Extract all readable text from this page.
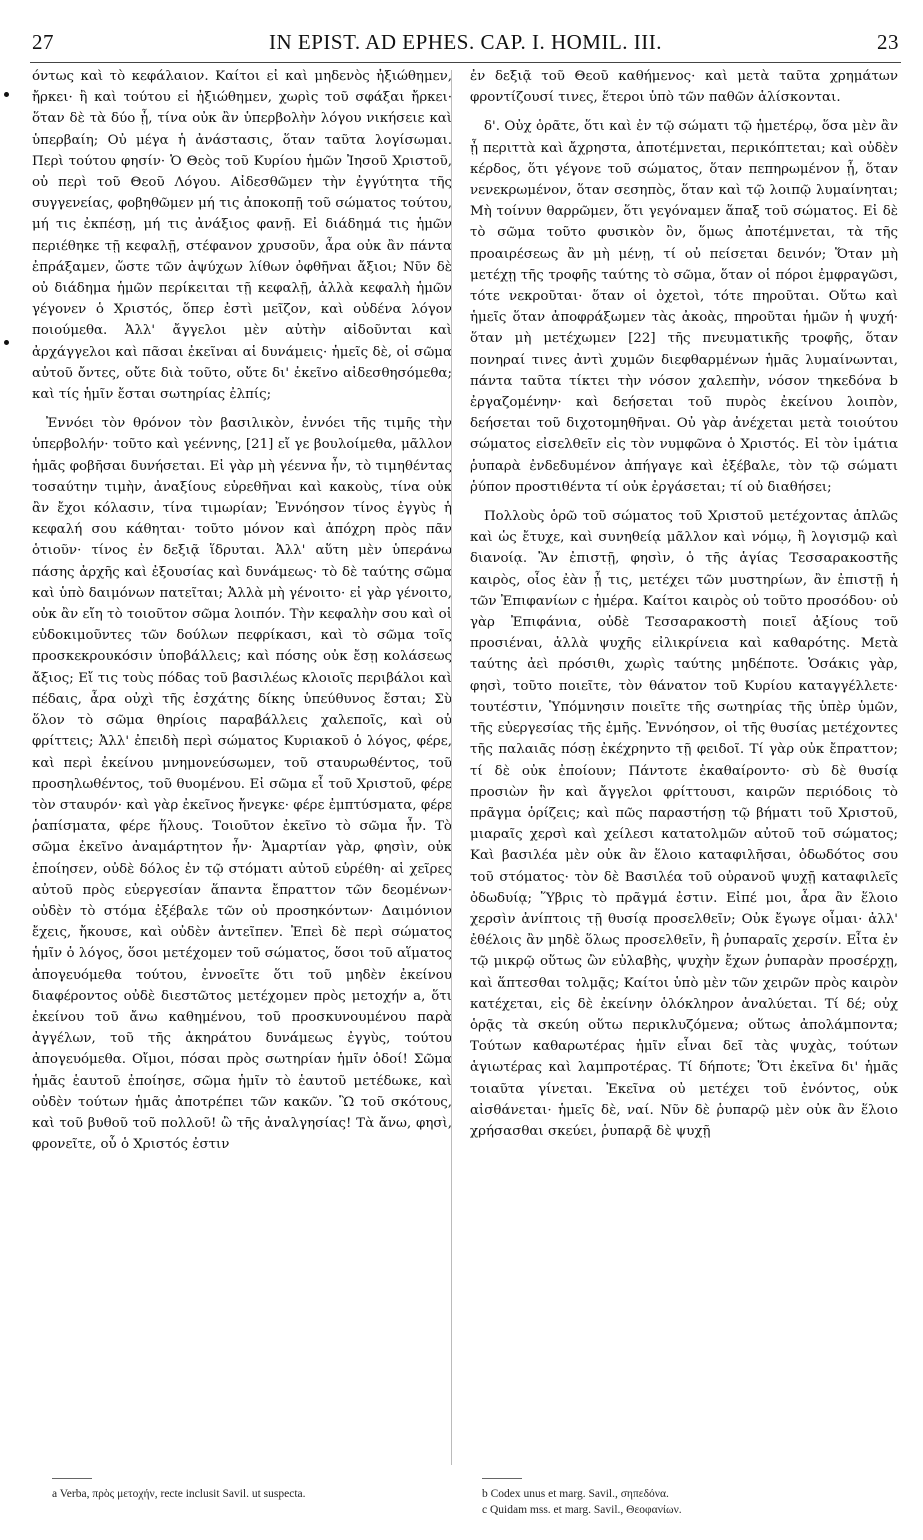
27	IN EPIST. AD EPHES. CAP. I. HOMIL. III.	23

όντως καὶ τὸ κεφάλαιον. Καίτοι εἰ καὶ μηδενὸς ἠξιώθημεν, ἤρκει· ἢ καὶ τούτου εἰ ἠξιώθημεν, χωρὶς τοῦ σφάξαι ἤρκει· ὅταν δὲ τὰ δύο ᾖ, τίνα οὐκ ἂν ὑπερβολὴν λόγου νικήσειε καὶ ὑπερβαίη; Οὐ μέγα ἡ ἀνάστασις, ὅταν ταῦτα λογίσωμαι. Περὶ τούτου φησίν· Ὁ Θεὸς τοῦ Κυρίου ἡμῶν Ἰησοῦ Χριστοῦ, οὐ περὶ τοῦ Θεοῦ Λόγου. Αἰδεσθῶμεν τὴν ἐγγύτητα τῆς συγγενείας, φοβηθῶμεν μή τις ἀποκοπῇ τοῦ σώματος τούτου, μή τις ἐκπέσῃ, μή τις ἀνάξιος φανῇ. Εἰ διάδημά τις ἡμῶν περιέθηκε τῇ κεφαλῇ, στέφανον χρυσοῦν, ἆρα οὐκ ἂν πάντα ἐπράξαμεν, ὥστε τῶν ἀψύχων λίθων ὀφθῆναι ἄξιοι; Νῦν δὲ οὐ διάδημα ἡμῶν περίκειται τῇ κεφαλῇ, ἀλλὰ κεφαλὴ ἡμῶν γέγονεν ὁ Χριστός, ὅπερ ἐστὶ μεῖζον, καὶ οὐδένα λόγον ποιούμεθα. Ἀλλ' ἄγγελοι μὲν αὐτὴν αἰδοῦνται καὶ ἀρχάγγελοι καὶ πᾶσαι ἐκεῖναι αἱ δυνάμεις· ἡμεῖς δὲ, οἱ σῶμα αὐτοῦ ὄντες, οὔτε διὰ τοῦτο, οὔτε δι' ἐκεῖνο αἰδεσθησόμεθα; καὶ τίς ἡμῖν ἔσται σωτηρίας ἐλπίς;

Ἐννόει τὸν θρόνον τὸν βασιλικὸν, ἐννόει τῆς τιμῆς τὴν ὑπερβολήν· τοῦτο καὶ γεέννης, [21] εἴ γε βουλοίμεθα, μᾶλλον ἡμᾶς φοβῆσαι δυνήσεται. Εἰ γὰρ μὴ γέεννα ἦν, τὸ τιμηθέντας τοσαύτην τιμὴν, ἀναξίους εὑρεθῆναι καὶ κακοὺς, τίνα οὐκ ἂν ἔχοι κόλασιν, τίνα τιμωρίαν; Ἐννόησον τίνος ἐγγὺς ἡ κεφαλή σου κάθηται· τοῦτο μόνον καὶ ἀπόχρη πρὸς πᾶν ὁτιοῦν· τίνος ἐν δεξιᾷ ἵδρυται. Ἀλλ' αὕτη μὲν ὑπεράνω πάσης ἀρχῆς καὶ ἐξουσίας καὶ δυνάμεως· τὸ δὲ ταύτης σῶμα καὶ ὑπὸ δαιμόνων πατεῖται; Ἀλλὰ μὴ γένοιτο· εἰ γὰρ γένοιτο, οὐκ ἂν εἴη τὸ τοιοῦτον σῶμα λοιπόν. Τὴν κεφαλὴν σου καὶ οἱ εὐδοκιμοῦντες τῶν δούλων πεφρίκασι, καὶ τὸ σῶμα τοῖς προσκεκρουκόσιν ὑποβάλλεις; καὶ πόσης οὐκ ἔσῃ κολάσεως ἄξιος; Εἴ τις τοὺς πόδας τοῦ βασιλέως κλοιοῖς περιβάλοι καὶ πέδαις, ἆρα οὐχὶ τῆς ἐσχάτης δίκης ὑπεύθυνος ἔσται; Σὺ ὅλον τὸ σῶμα θηρίοις παραβάλλεις χαλεποῖς, καὶ οὐ φρίττεις; Ἀλλ' ἐπειδὴ περὶ σώματος Κυριακοῦ ὁ λόγος, φέρε, καὶ περὶ ἐκείνου μνημονεύσωμεν, τοῦ σταυρωθέντος, τοῦ προσηλωθέντος, τοῦ θυομένου. Εἰ σῶμα εἶ τοῦ Χριστοῦ, φέρε τὸν σταυρόν· καὶ γὰρ ἐκεῖνος ἤνεγκε· φέρε ἐμπτύσματα, φέρε ῥαπίσματα, φέρε ἥλους. Τοιοῦτον ἐκεῖνο τὸ σῶμα ἦν. Τὸ σῶμα ἐκεῖνο ἀναμάρτητον ἦν· Ἁμαρτίαν γὰρ, φησὶν, οὐκ ἐποίησεν, οὐδὲ δόλος ἐν τῷ στόματι αὐτοῦ εὑρέθη· αἱ χεῖρες αὐτοῦ πρὸς εὐεργεσίαν ἅπαντα ἔπραττον τῶν δεομένων· οὐδὲν τὸ στόμα ἐξέβαλε τῶν οὐ προσηκόντων· Δαιμόνιον ἔχεις, ἤκουσε, καὶ οὐδὲν ἀντεῖπεν. Ἐπεὶ δὲ περὶ σώματος ἡμῖν ὁ λόγος, ὅσοι μετέχομεν τοῦ σώματος, ὅσοι τοῦ αἵματος ἀπογευόμεθα τούτου, ἐννοεῖτε ὅτι τοῦ μηδὲν ἐκείνου διαφέροντος οὐδὲ διεστῶτος μετέχομεν πρὸς μετοχήν a, ὅτι ἐκείνου τοῦ ἄνω καθημένου, τοῦ προσκυνουμένου παρὰ ἀγγέλων, τοῦ τῆς ἀκηράτου δυνάμεως ἐγγὺς, τούτου ἀπογευόμεθα. Οἴμοι, πόσαι πρὸς σωτηρίαν ἡμῖν ὁδοί! Σῶμα ἡμᾶς ἑαυτοῦ ἐποίησε, σῶμα ἡμῖν τὸ ἑαυτοῦ μετέδωκε, καὶ οὐδὲν τούτων ἡμᾶς ἀποτρέπει τῶν κακῶν. Ὢ τοῦ σκότους, καὶ τοῦ βυθοῦ τοῦ πολλοῦ! ὢ τῆς ἀναλγησίας! Τὰ ἄνω, φησὶ, φρονεῖτε, οὗ ὁ Χριστός ἐστιν

ἐν δεξιᾷ τοῦ Θεοῦ καθήμενος· καὶ μετὰ ταῦτα χρημάτων φροντίζουσί τινες, ἕτεροι ὑπὸ τῶν παθῶν ἁλίσκονται.

δ'. Οὐχ ὁρᾶτε, ὅτι καὶ ἐν τῷ σώματι τῷ ἡμετέρῳ, ὅσα μὲν ἂν ᾖ περιττὰ καὶ ἄχρηστα, ἀποτέμνεται, περικόπτεται; καὶ οὐδὲν κέρδος, ὅτι γέγονε τοῦ σώματος, ὅταν πεπηρωμένον ᾖ, ὅταν νενεκρωμένον, ὅταν σεσηπὸς, ὅταν καὶ τῷ λοιπῷ λυμαίνηται; Μὴ τοίνυν θαρρῶμεν, ὅτι γεγόναμεν ἅπαξ τοῦ σώματος. Εἰ δὲ τὸ σῶμα τοῦτο φυσικὸν ὂν, ὅμως ἀποτέμνεται, τὰ τῆς προαιρέσεως ἂν μὴ μένῃ, τί οὐ πείσεται δεινόν; Ὅταν μὴ μετέχῃ τῆς τροφῆς ταύτης τὸ σῶμα, ὅταν οἱ πόροι ἐμφραγῶσι, τότε νεκροῦται· ὅταν οἱ ὀχετοὶ, τότε πηροῦται. Οὕτω καὶ ἡμεῖς ὅταν ἀποφράξωμεν τὰς ἀκοὰς, πηροῦται ἡμῶν ἡ ψυχή· ὅταν μὴ μετέχωμεν [22] τῆς πνευματικῆς τροφῆς, ὅταν πονηραί τινες ἀντὶ χυμῶν διεφθαρμένων ἡμᾶς λυμαίνωνται, πάντα ταῦτα τίκτει τὴν νόσον χαλεπὴν, νόσον τηκεδόνα b ἐργαζομένην· καὶ δεήσεται τοῦ πυρὸς ἐκείνου λοιπὸν, δεήσεται τοῦ διχοτομηθῆναι. Οὐ γὰρ ἀνέχεται μετὰ τοιούτου σώματος εἰσελθεῖν εἰς τὸν νυμφῶνα ὁ Χριστός. Εἰ τὸν ἱμάτια ῥυπαρὰ ἐνδεδυμένον ἀπήγαγε καὶ ἐξέβαλε, τὸν τῷ σώματι ῥύπον προστιθέντα τί οὐκ ἐργάσεται; τί οὐ διαθήσει;

Πολλοὺς ὁρῶ τοῦ σώματος τοῦ Χριστοῦ μετέχοντας ἁπλῶς καὶ ὡς ἔτυχε, καὶ συνηθείᾳ μᾶλλον καὶ νόμῳ, ἢ λογισμῷ καὶ διανοίᾳ. Ἂν ἐπιστῇ, φησὶν, ὁ τῆς ἁγίας Τεσσαρακοστῆς καιρὸς, οἷος ἐὰν ᾖ τις, μετέχει τῶν μυστηρίων, ἂν ἐπιστῇ ἡ τῶν Ἐπιφανίων c ἡμέρα. Καίτοι καιρὸς οὐ τοῦτο προσόδου· οὐ γὰρ Ἐπιφάνια, οὐδὲ Τεσσαρακοστὴ ποιεῖ ἀξίους τοῦ προσιέναι, ἀλλὰ ψυχῆς εἰλικρίνεια καὶ καθαρότης. Μετὰ ταύτης ἀεὶ πρόσιθι, χωρὶς ταύτης μηδέποτε. Ὁσάκις γὰρ, φησὶ, τοῦτο ποιεῖτε, τὸν θάνατον τοῦ Κυρίου καταγγέλλετε· τουτέστιν, Ὑπόμνησιν ποιεῖτε τῆς σωτηρίας τῆς ὑπὲρ ὑμῶν, τῆς εὐεργεσίας τῆς ἐμῆς. Ἐννόησον, οἱ τῆς θυσίας μετέχοντες τῆς παλαιᾶς πόσῃ ἐκέχρηντο τῇ φειδοῖ. Τί γὰρ οὐκ ἔπραττον; τί δὲ οὐκ ἐποίουν; Πάντοτε ἐκαθαίροντο· σὺ δὲ θυσίᾳ προσιὼν ἣν καὶ ἄγγελοι φρίττουσι, καιρῶν περιόδοις τὸ πρᾶγμα ὁρίζεις; καὶ πῶς παραστήσῃ τῷ βήματι τοῦ Χριστοῦ, μιαραῖς χερσὶ καὶ χείλεσι κατατολμῶν αὐτοῦ τοῦ σώματος; Καὶ βασιλέα μὲν οὐκ ἂν ἕλοιο καταφιλῆσαι, ὀδωδότος σου τοῦ στόματος· τὸν δὲ Βασιλέα τοῦ οὐρανοῦ ψυχῇ καταφιλεῖς ὀδωδυίᾳ; Ὕβρις τὸ πρᾶγμά ἐστιν. Εἰπέ μοι, ἆρα ἂν ἕλοιο χερσὶν ἀνίπτοις τῇ θυσίᾳ προσελθεῖν; Οὐκ ἔγωγε οἶμαι· ἀλλ' ἐθέλοις ἂν μηδὲ ὅλως προσελθεῖν, ἢ ῥυπαραῖς χερσίν. Εἶτα ἐν τῷ μικρῷ οὕτως ὢν εὐλαβὴς, ψυχὴν ἔχων ῥυπαρὰν προσέρχῃ, καὶ ἅπτεσθαι τολμᾷς; Καίτοι ὑπὸ μὲν τῶν χειρῶν πρὸς καιρὸν κατέχεται, εἰς δὲ ἐκείνην ὁλόκληρον ἀναλύεται. Τί δέ; οὐχ ὁρᾷς τὰ σκεύη οὕτω περικλυζόμενα; οὕτως ἀπολάμποντα; Τούτων καθαρωτέρας ἡμῖν εἶναι δεῖ τὰς ψυχὰς, τούτων ἁγιωτέρας καὶ λαμπροτέρας. Τί δήποτε; Ὅτι ἐκεῖνα δι' ἡμᾶς τοιαῦτα γίνεται. Ἐκεῖνα οὐ μετέχει τοῦ ἐνόντος, οὐκ αἰσθάνεται· ἡμεῖς δὲ, ναί. Νῦν δὲ ῥυπαρῷ μὲν οὐκ ἂν ἕλοιο χρήσασθαι σκεύει, ῥυπαρᾷ δὲ ψυχῇ

a Verba, πρὸς μετοχήν, recte inclusit Savil. ut suspecta.	b Codex unus et marg. Savil., σηπεδόνα.
c Quidam mss. et marg. Savil., Θεοφανίων.
